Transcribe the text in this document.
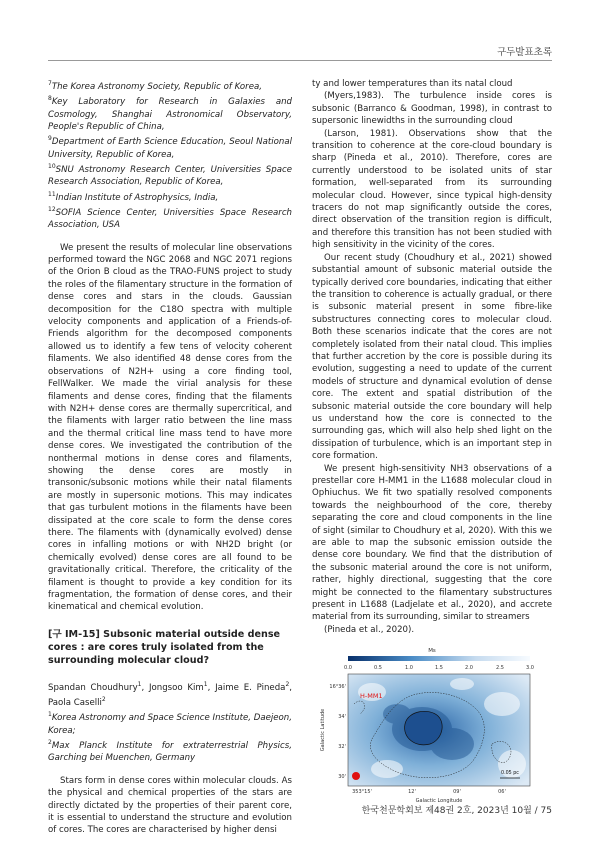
구두발표초록

$^7$The Korea Astronomy Society, Republic of Korea,

$^8$Key Laboratory for Research in Galaxies and Cosmology, Shanghai Astronomical Observatory, People's Republic of China,

$^9$Department of Earth Science Education, Seoul National University, Republic of Korea,

$^{10}$SNU Astronomy Research Center, Universities Space Research Association, Republic of Korea,

$^{11}$Indian Institute of Astrophysics, India,

$^{12}$SOFIA Science Center, Universities Space Research Association, USA

We present the results of molecular line observations performed toward the NGC 2068 and NGC 2071 regions of the Orion B cloud as the TRAO-FUNS project to study the roles of the filamentary structure in the formation of dense cores and stars in the clouds. Gaussian decomposition for the C18O spectra with multiple velocity components and application of a Friends-of-Friends algorithm for the decomposed components allowed us to identify a few tens of velocity coherent filaments. We also identified 48 dense cores from the observations of N2H+ using a core finding tool, FellWalker. We made the virial analysis for these filaments and dense cores, finding that the filaments with N2H+ dense cores are thermally supercritical, and the filaments with larger ratio between the line mass and the thermal critical line mass tend to have more dense cores. We investigated the contribution of the nonthermal motions in dense cores and filaments, showing the dense cores are mostly in transonic/subsonic motions while their natal filaments are mostly in supersonic motions. This may indicates that gas turbulent motions in the filaments have been dissipated at the core scale to form the dense cores there. The filaments with (dynamically evolved) dense cores in infalling motions or with NH2D bright (or chemically evolved) dense cores are all found to be gravitationally critical. Therefore, the criticality of the filament is thought to provide a key condition for its fragmentation, the formation of dense cores, and their kinematical and chemical evolution.

[구 IM-15] Subsonic material outside dense cores : are cores truly isolated from the surrounding molecular cloud?

Spandan Choudhury$^1$, Jongsoo Kim$^1$, Jaime E. Pineda$^2$, Paola Caselli$^2$

$^1$Korea Astronomy and Space Science Institute, Daejeon, Korea;

$^2$Max Planck Institute for extraterrestrial Physics, Garching bei Muenchen, Germany

Stars form in dense cores within molecular clouds. As the physical and chemical properties of the stars are directly dictated by the properties of their parent core, it is essential to understand the structure and evolution of cores. The cores are characterised by higher densi

ty and lower temperatures than its natal cloud

(Myers,1983). The turbulence inside cores is subsonic (Barranco & Goodman, 1998), in contrast to supersonic linewidths in the surrounding cloud

(Larson, 1981). Observations show that the transition to coherence at the core-cloud boundary is sharp (Pineda et al., 2010). Therefore, cores are currently understood to be isolated units of star formation, well-separated from its surrounding molecular cloud. However, since typical high-density tracers do not map significantly outside the cores, direct observation of the transition region is difficult, and therefore this transition has not been studied with high sensitivity in the vicinity of the cores.

Our recent study (Choudhury et al., 2021) showed substantial amount of subsonic material outside the typically derived core boundaries, indicating that either the transition to coherence is actually gradual, or there is subsonic material present in some fibre-like substructures connecting cores to molecular cloud. Both these scenarios indicate that the cores are not completely isolated from their natal cloud. This implies that further accretion by the core is possible during its evolution, suggesting a need to update of the current models of structure and dynamical evolution of dense core. The extent and spatial distribution of the subsonic material outside the core boundary will help us understand how the core is connected to the surrounding gas, which will also help shed light on the dissipation of turbulence, which is an important step in core formation.

We present high-sensitivity NH3 observations of a prestellar core H-MM1 in the L1688 molecular cloud in Ophiuchus. We fit two spatially resolved components towards the neighbourhood of the core, thereby separating the core and cloud components in the line of sight (similar to Choudhury et al, 2020). With this we are able to map the subsonic emission outside the dense core boundary. We find that the distribution of the subsonic material around the core is not uniform, rather, highly directional, suggesting that the core might be connected to the filamentary substructures present in L1688 (Ladjelate et al., 2020), and accrete material from its surrounding, similar to streamers

(Pineda et al., 2020).

Ms
0.0	0.5	1.0	1.5	2.0	2.5	3.0
H-MM1
0.05 pc
16°36'
34'
32'
30'
Galactic Latitude
353°15'	12'	09'	06'
Galactic Longitude
한국천문학회보 제48권 2호, 2023년 10월 / 75
